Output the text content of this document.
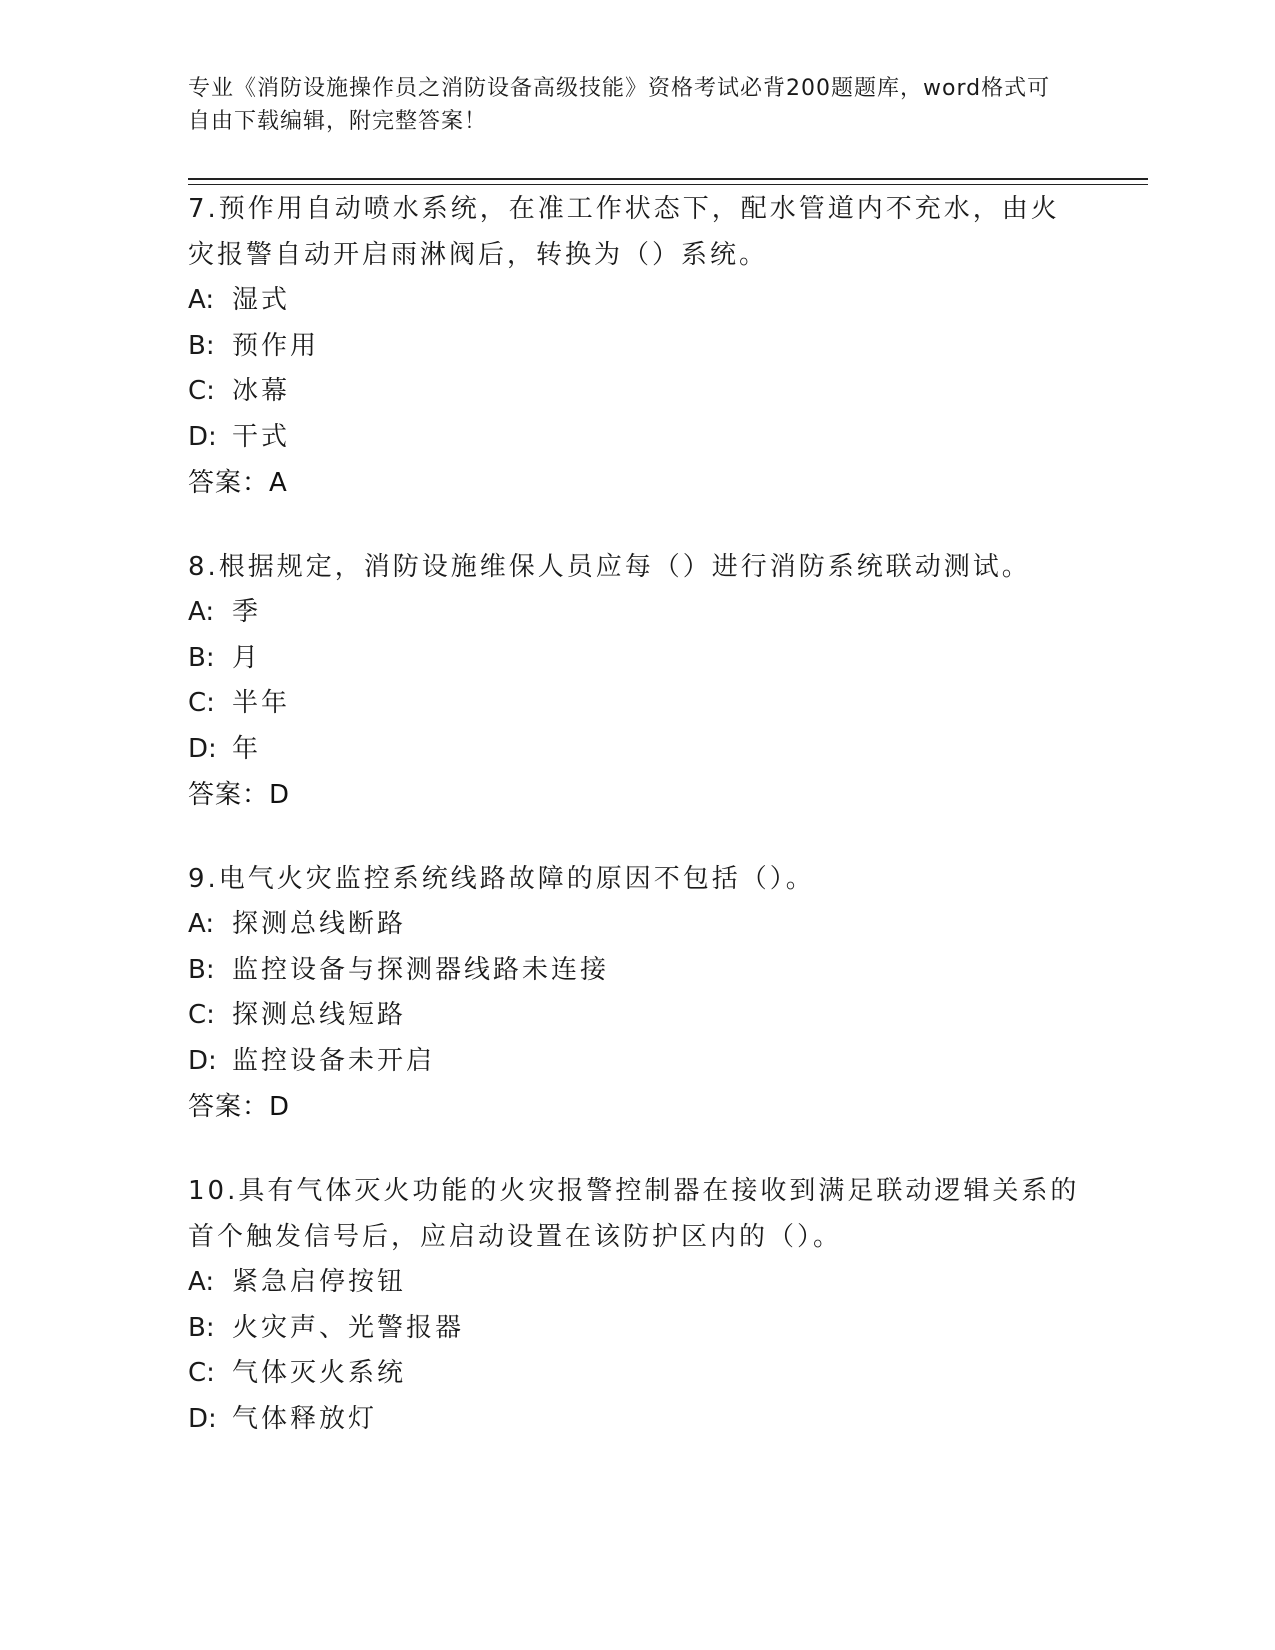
专业《消防设施操作员之消防设备高级技能》资格考试必背200题题库，word格式可自由下载编辑，附完整答案！
7.预作用自动喷水系统，在准工作状态下，配水管道内不充水，由火灾报警自动开启雨淋阀后，转换为（）系统。
A: 湿式
B: 预作用
C: 冰幕
D: 干式
答案：A
8.根据规定，消防设施维保人员应每（）进行消防系统联动测试。
A: 季
B: 月
C: 半年
D: 年
答案：D
9.电气火灾监控系统线路故障的原因不包括（）。
A: 探测总线断路
B: 监控设备与探测器线路未连接
C: 探测总线短路
D: 监控设备未开启
答案：D
10.具有气体灭火功能的火灾报警控制器在接收到满足联动逻辑关系的首个触发信号后，应启动设置在该防护区内的（）。
A: 紧急启停按钮
B: 火灾声、光警报器
C: 气体灭火系统
D: 气体释放灯
